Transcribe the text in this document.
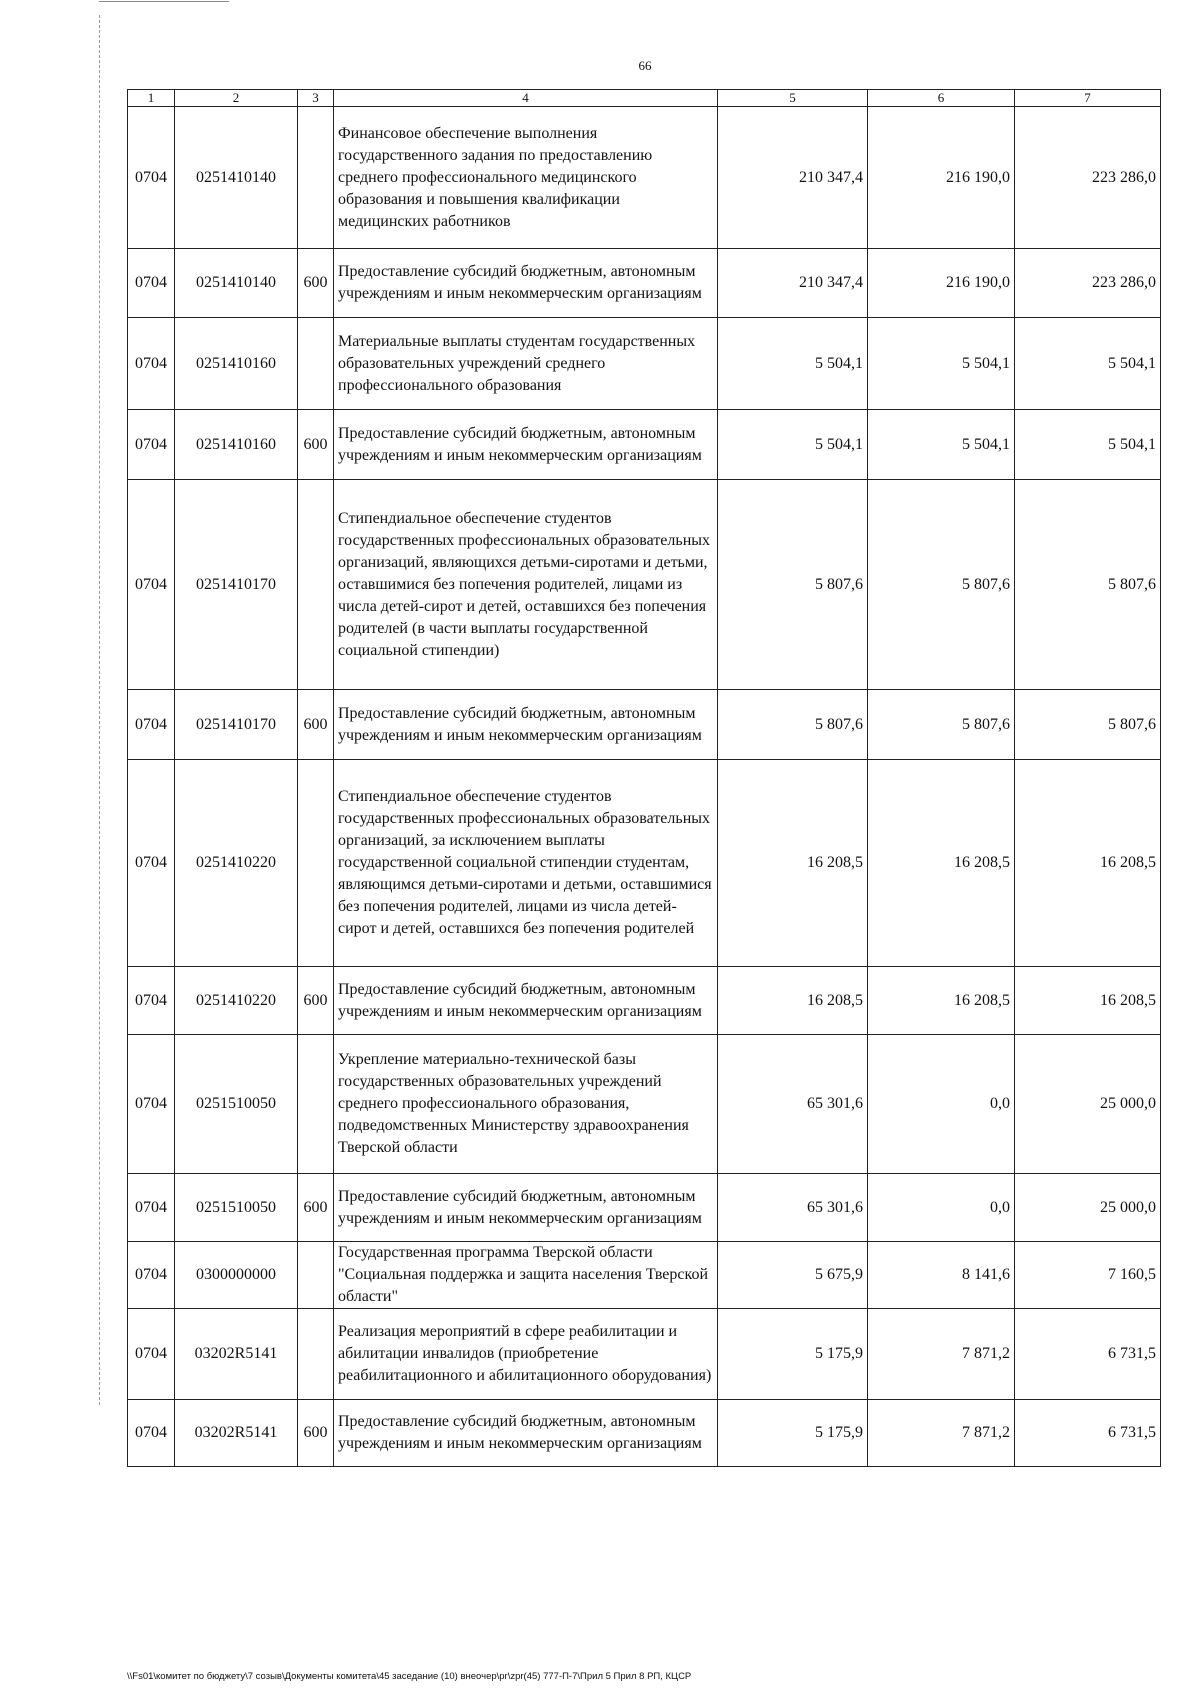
66
1	2	3	4	5	6	7
0704	0251410140		Финансовое обеспечение выполнения государственного задания по предоставлению среднего профессионального медицинского образования и повышения квалификации медицинских работников	210 347,4	216 190,0	223 286,0
0704	0251410140	600	Предоставление субсидий бюджетным, автономным учреждениям и иным некоммерческим организациям	210 347,4	216 190,0	223 286,0
0704	0251410160		Материальные выплаты студентам государственных образовательных учреждений среднего профессионального образования	5 504,1	5 504,1	5 504,1
0704	0251410160	600	Предоставление субсидий бюджетным, автономным учреждениям и иным некоммерческим организациям	5 504,1	5 504,1	5 504,1
0704	0251410170		Стипендиальное обеспечение студентов государственных профессиональных образовательных организаций, являющихся детьми-сиротами и детьми, оставшимися без попечения родителей, лицами из числа детей-сирот и детей, оставшихся без попечения родителей (в части выплаты государственной социальной стипендии)	5 807,6	5 807,6	5 807,6
0704	0251410170	600	Предоставление субсидий бюджетным, автономным учреждениям и иным некоммерческим организациям	5 807,6	5 807,6	5 807,6
0704	0251410220		Стипендиальное обеспечение студентов государственных профессиональных образовательных организаций, за исключением выплаты государственной социальной стипендии студентам, являющимся детьми-сиротами и детьми, оставшимися без попечения родителей, лицами из числа детей-сирот и детей, оставшихся без попечения родителей	16 208,5	16 208,5	16 208,5
0704	0251410220	600	Предоставление субсидий бюджетным, автономным учреждениям и иным некоммерческим организациям	16 208,5	16 208,5	16 208,5
0704	0251510050		Укрепление материально-технической базы государственных образовательных учреждений среднего профессионального образования, подведомственных Министерству здравоохранения Тверской области	65 301,6	0,0	25 000,0
0704	0251510050	600	Предоставление субсидий бюджетным, автономным учреждениям и иным некоммерческим организациям	65 301,6	0,0	25 000,0
0704	0300000000		Государственная программа Тверской области "Социальная поддержка и защита населения Тверской области"	5 675,9	8 141,6	7 160,5
0704	03202R5141		Реализация мероприятий в сфере реабилитации и абилитации инвалидов (приобретение реабилитационного и абилитационного оборудования)	5 175,9	7 871,2	6 731,5
0704	03202R5141	600	Предоставление субсидий бюджетным, автономным учреждениям и иным некоммерческим организациям	5 175,9	7 871,2	6 731,5
\\Fs01\комитет по бюджету\7 созыв\Документы комитета\45 заседание (10) внеочер\pr\zpr(45) 777-П-7\Прил 5 Прил 8 РП, КЦСР
